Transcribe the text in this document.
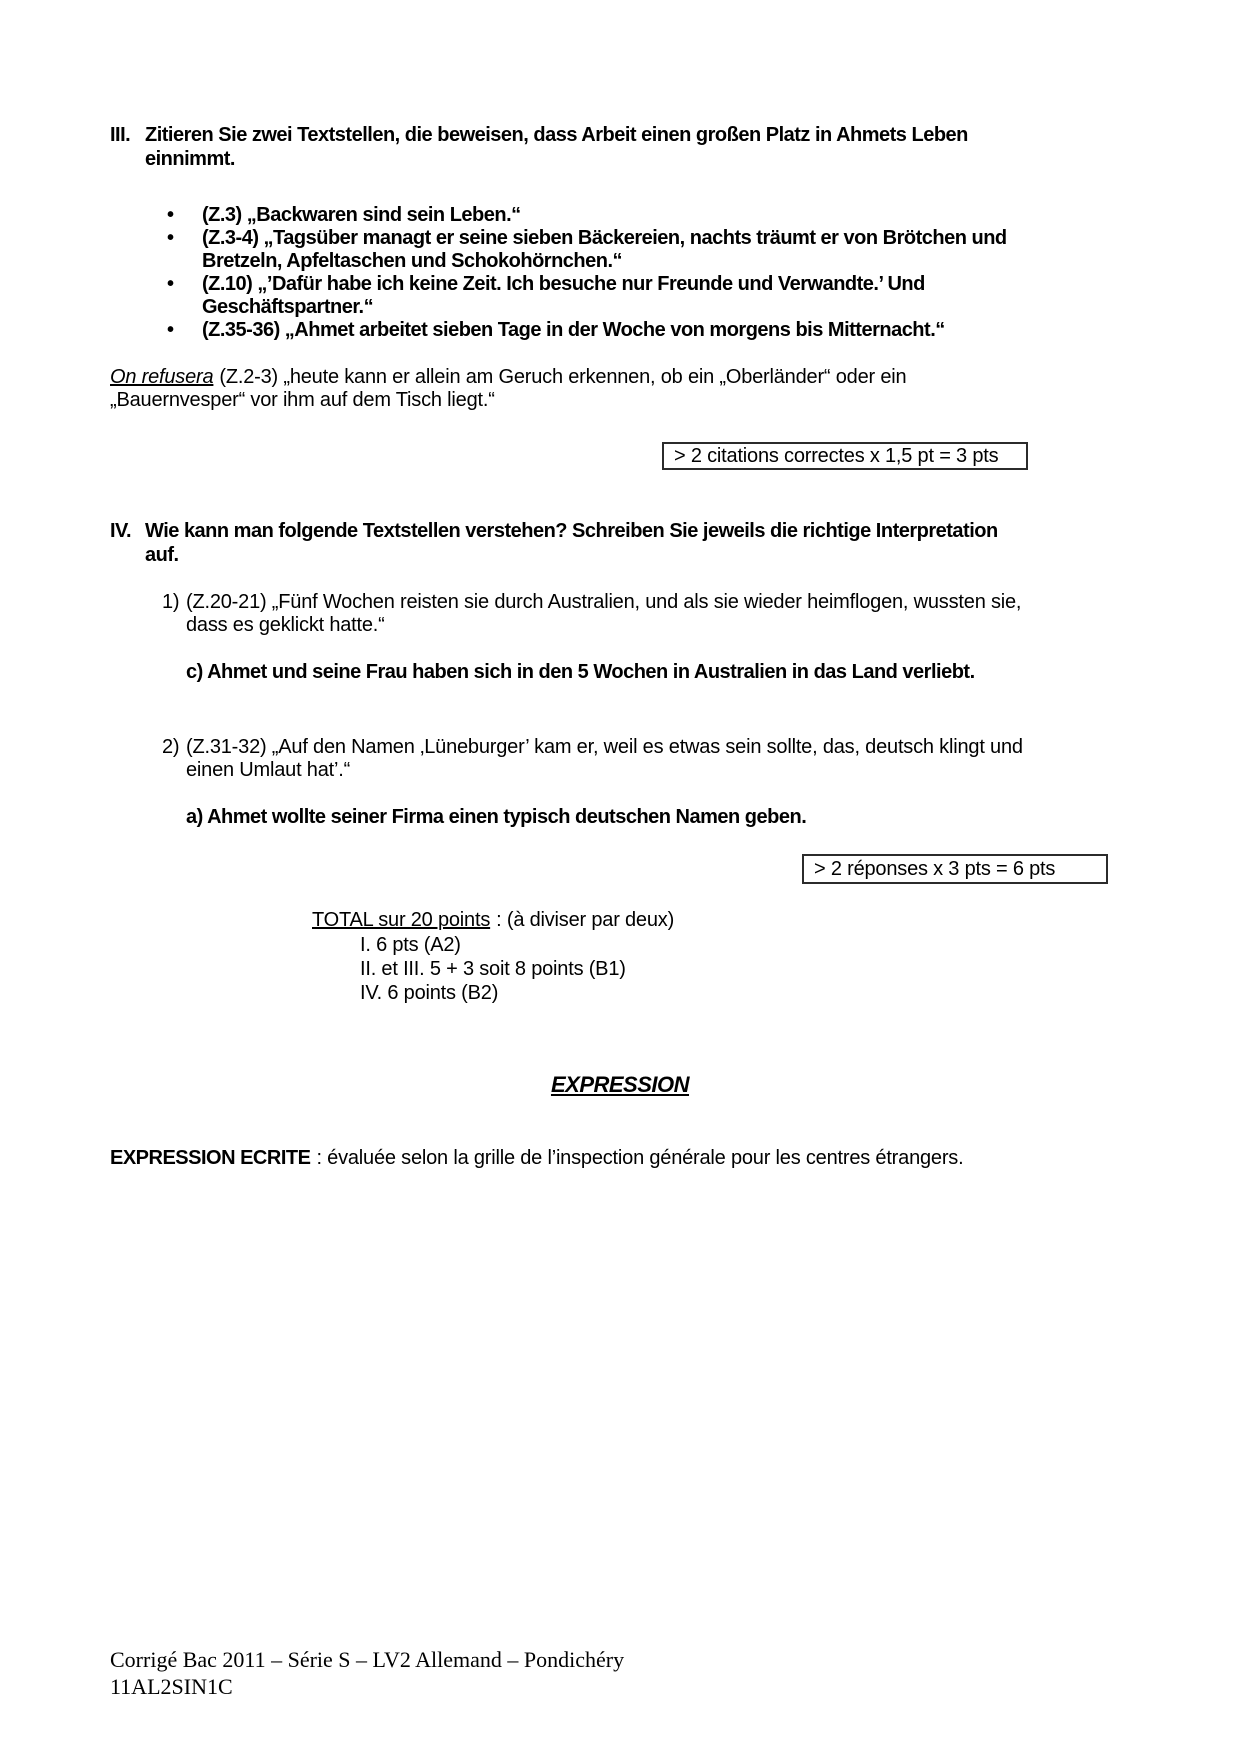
III. Zitieren Sie zwei Textstellen, die beweisen, dass Arbeit einen großen Platz in Ahmets Leben
einnimmt.
• (Z.3) „Backwaren sind sein Leben.“
• (Z.3-4) „Tagsüber managt er seine sieben Bäckereien, nachts träumt er von Brötchen und
Bretzeln, Apfeltaschen und Schokohörnchen.“
• (Z.10) „’Dafür habe ich keine Zeit. Ich besuche nur Freunde und Verwandte.’ Und
Geschäftspartner.“
• (Z.35-36) „Ahmet arbeitet sieben Tage in der Woche von morgens bis Mitternacht.“
On refusera (Z.2-3) „heute kann er allein am Geruch erkennen, ob ein „Oberländer“ oder ein
„Bauernvesper“ vor ihm auf dem Tisch liegt.“
> 2 citations correctes x 1,5 pt = 3 pts
IV. Wie kann man folgende Textstellen verstehen? Schreiben Sie jeweils die richtige Interpretation
auf.
1) (Z.20-21) „Fünf Wochen reisten sie durch Australien, und als sie wieder heimflogen, wussten sie,
dass es geklickt hatte.“
c) Ahmet und seine Frau haben sich in den 5 Wochen in Australien in das Land verliebt.
2) (Z.31-32) „Auf den Namen ‚Lüneburger’ kam er, weil es etwas sein sollte, das, deutsch klingt und
einen Umlaut hat’.“
a) Ahmet wollte seiner Firma einen typisch deutschen Namen geben.
> 2 réponses x 3 pts = 6 pts
TOTAL sur 20 points : (à diviser par deux)
I. 6 pts (A2)
II. et III. 5 + 3 soit 8 points (B1)
IV. 6 points (B2)
EXPRESSION
EXPRESSION ECRITE : évaluée selon la grille de l’inspection générale pour les centres étrangers.
Corrigé Bac 2011 – Série S – LV2 Allemand – Pondichéry
11AL2SIN1C
